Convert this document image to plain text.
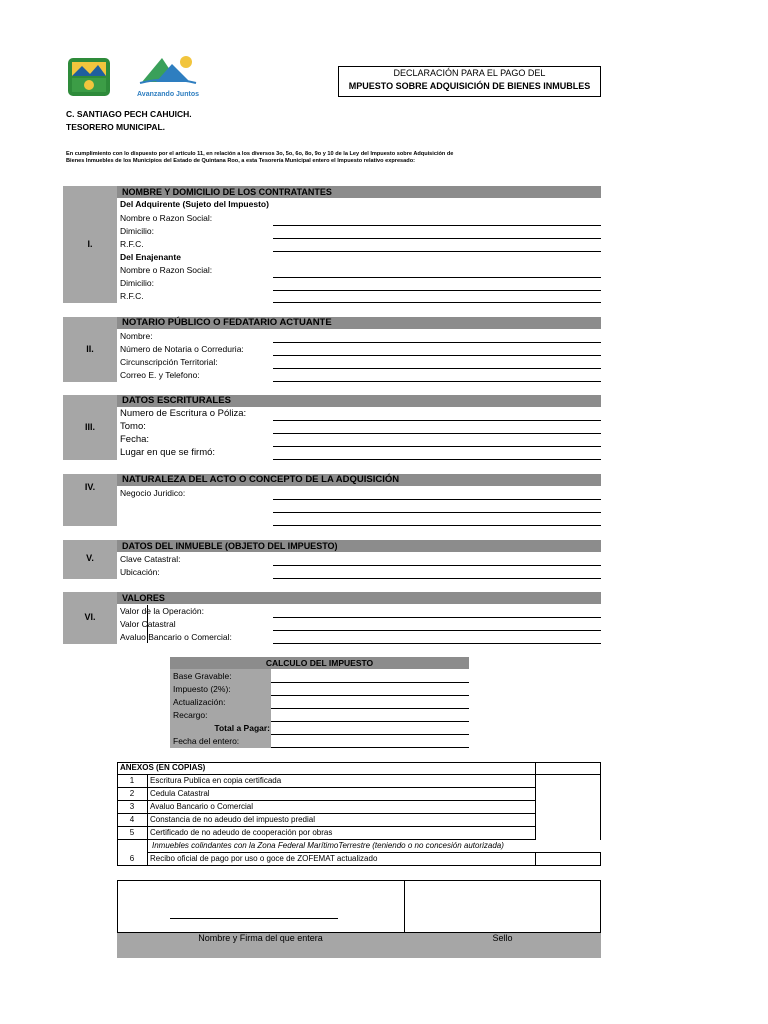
Avanzando Juntos
DECLARACIÓN PARA EL PAGO DEL
MPUESTO SOBRE ADQUISICIÓN DE BIENES INMUBLES
C. SANTIAGO PECH CAHUICH.
TESORERO MUNICIPAL.
En cumplimiento con lo dispuesto por el artículo 11, en relación a los diversos 3o, 5o, 6o, 8o, 9o y 10 de la Ley del Impuesto sobre Adquisición de
Bienes Inmuebles de los Municipios del Estado de Quintana Roo, a esta Tesorería Municipal entero el Impuesto relativo expresado:
I.
NOMBRE Y DOMICILIO DE LOS CONTRATANTES
Del Adquirente (Sujeto del Impuesto)
Nombre o Razon Social:
Dimicilio:
R.F.C.
Del Enajenante
Nombre o Razon Social:
Dimicilio:
R.F.C.
II.
NOTARIO PÚBLICO O FEDATARIO ACTUANTE
Nombre:
Número de Notaria o Correduria:
Circunscripción Territorial:
Correo E. y Telefono:
III.
DATOS ESCRITURALES
Numero de Escritura o Póliza:
Tomo:
Fecha:
Lugar en que se firmó:
IV.
NATURALEZA DEL ACTO O CONCEPTO DE LA ADQUISICIÓN
Negocio Juridico:
V.
DATOS DEL INMUEBLE (OBJETO DEL IMPUESTO)
Clave Catastral:
Ubicación:
VI.
VALORES
Valor de la Operación:
Valor Catastral
Avaluo Bancario o Comercial:
CALCULO DEL IMPUESTO
Base Gravable:
Impuesto (2%):
Actualización:
Recargo:
Total a Pagar:
Fecha del entero:
ANEXOS (EN COPIAS)
1	Escritura Publica en copia certificada
2	Cedula Catastral
3	Avaluo Bancario o Comercial
4	Constancia de no adeudo del impuesto predial
5	Certificado de no adeudo de cooperación por obras
Inmuebles colindantes con la Zona Federal MarítimoTerrestre (teniendo o no concesión autorizada)
6	Recibo oficial de pago por uso o goce de ZOFEMAT actualizado
Nombre y Firma del que entera	Sello
